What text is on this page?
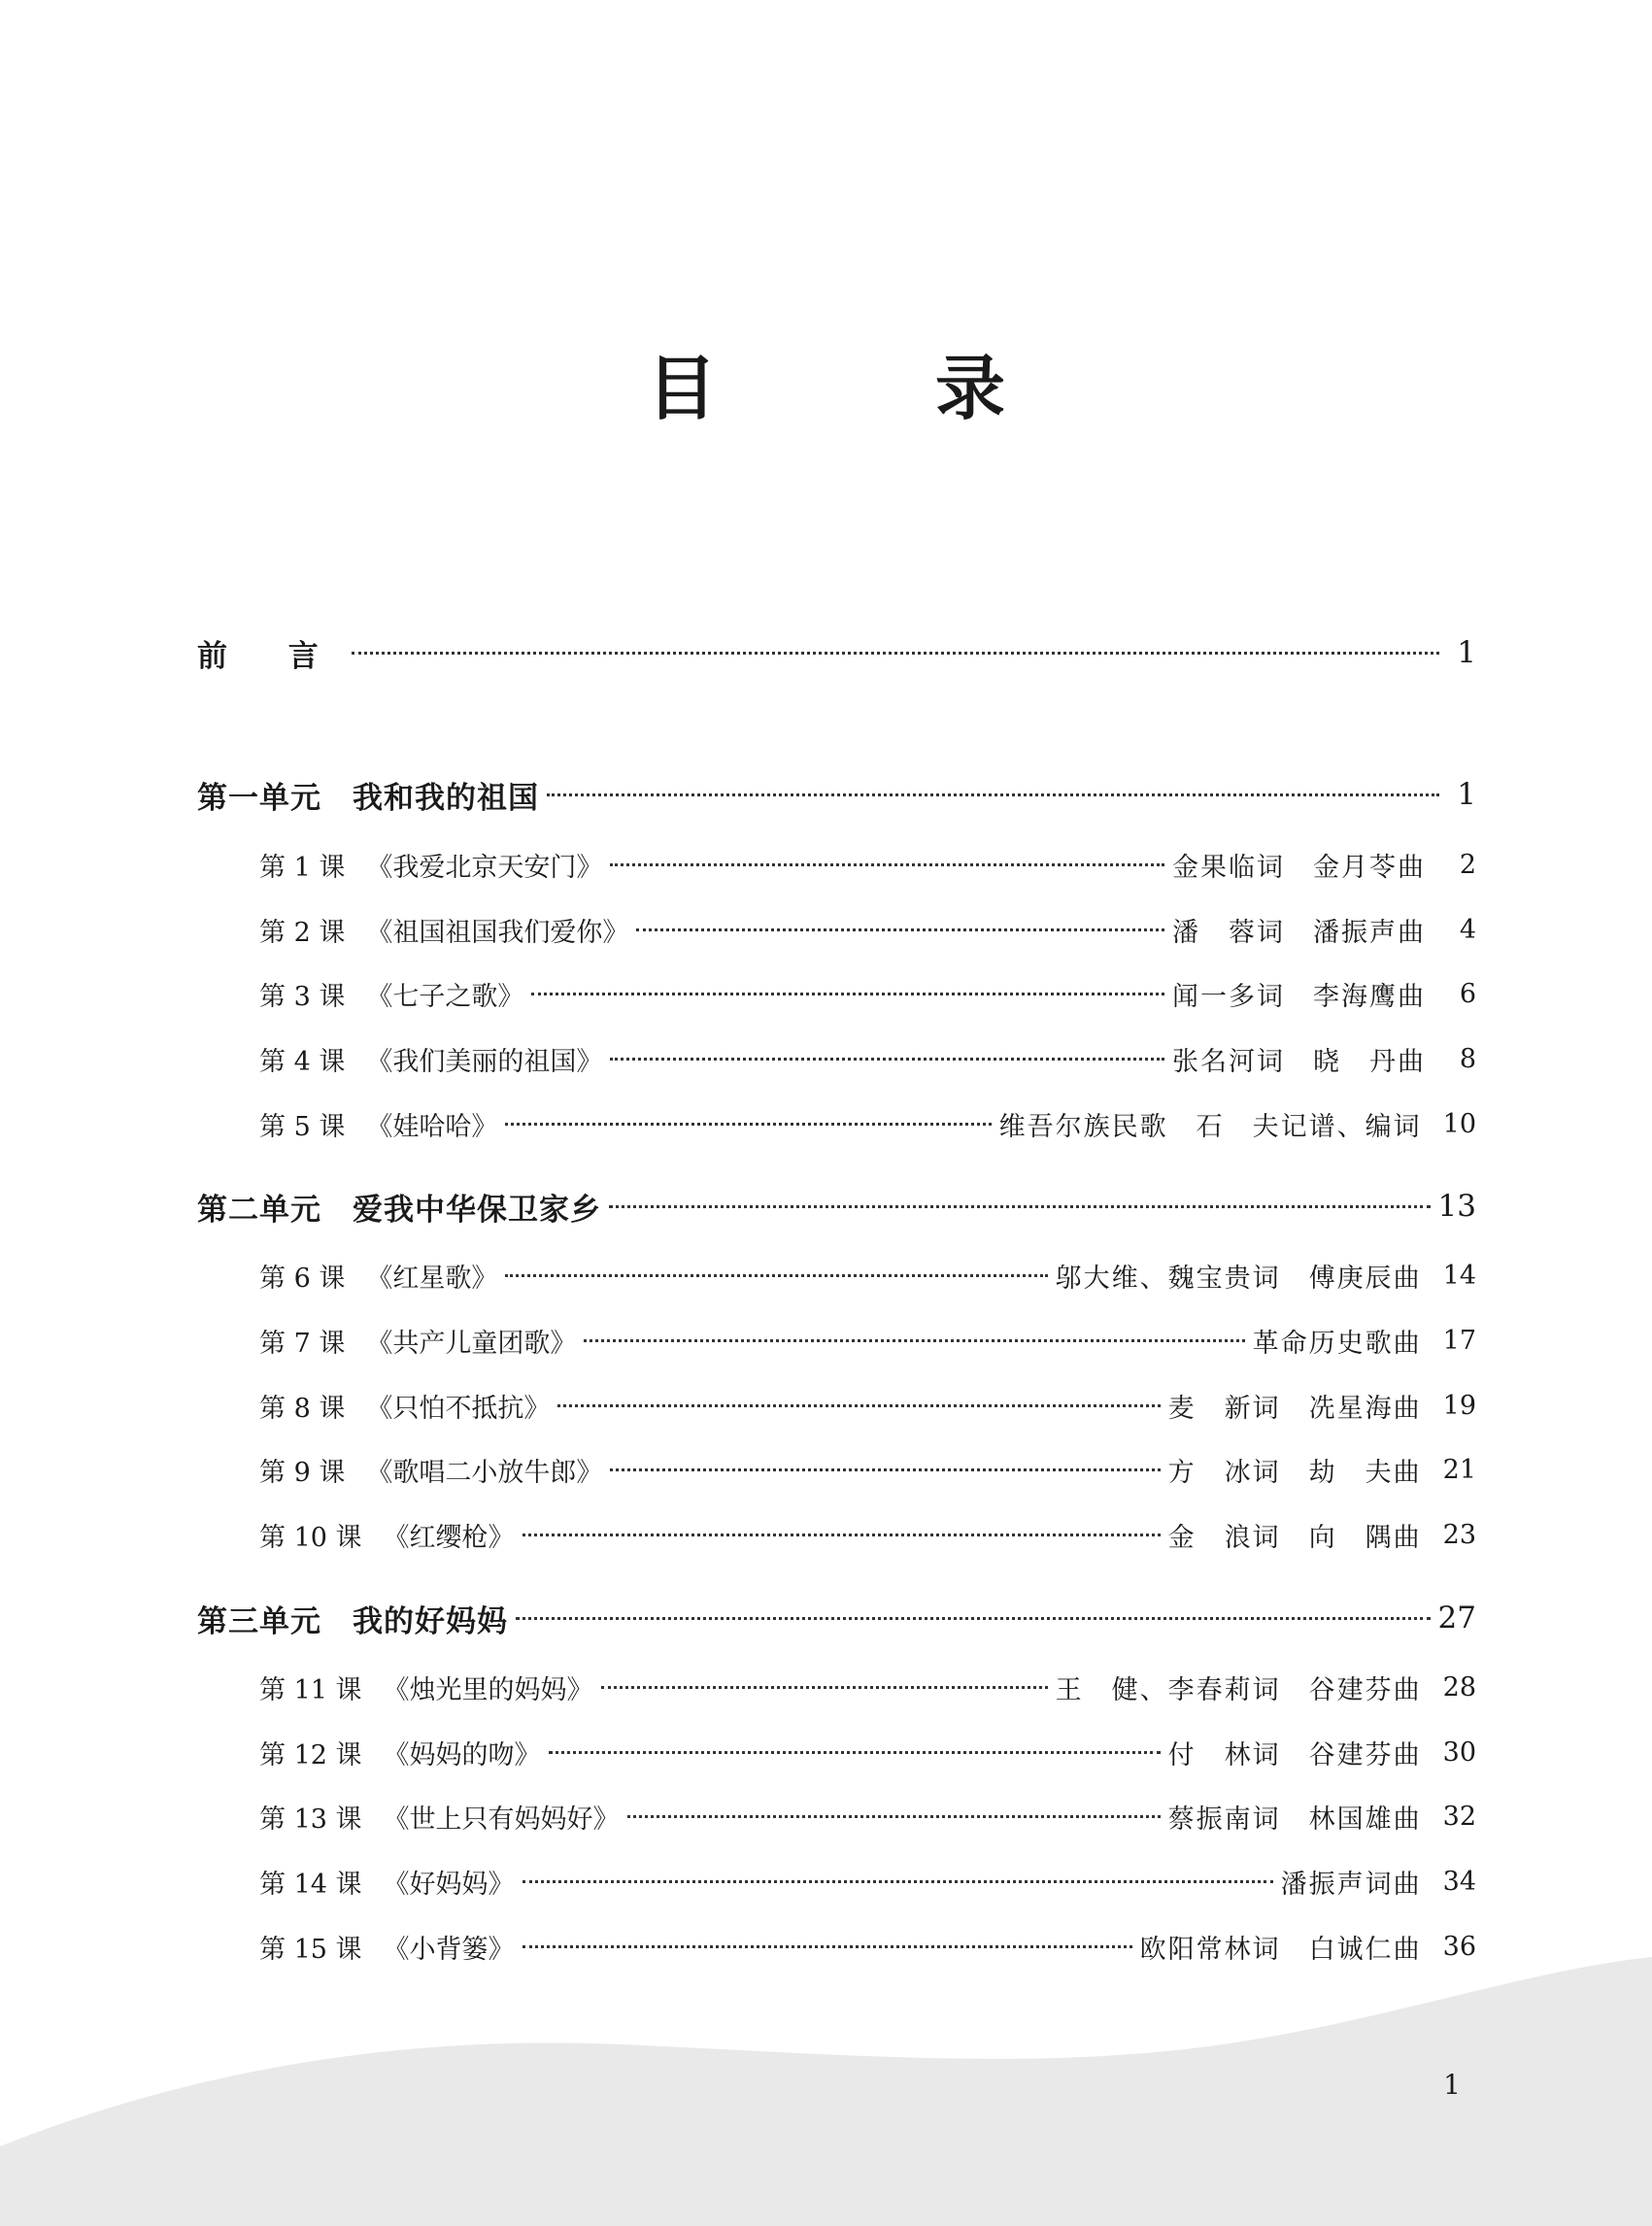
目 录
前 言	1
第一单元　我和我的祖国	1
第 1 课 《我爱北京天安门》	金果临词　金月苓曲	2
第 2 课 《祖国祖国我们爱你》	潘　蓉词　潘振声曲	4
第 3 课 《七子之歌》	闻一多词　李海鹰曲	6
第 4 课 《我们美丽的祖国》	张名河词　晓　丹曲	8
第 5 课 《娃哈哈》	维吾尔族民歌　石　夫记谱、编词 10
第二单元　爱我中华保卫家乡	13
第 6 课 《红星歌》	邬大维、魏宝贵词　傅庚辰曲 14
第 7 课 《共产儿童团歌》	革命历史歌曲 17
第 8 课 《只怕不抵抗》	麦　新词　冼星海曲 19
第 9 课 《歌唱二小放牛郎》	方　冰词　劫　夫曲 21
第 10 课 《红缨枪》	金　浪词　向　隅曲 23
第三单元　我的好妈妈	27
第 11 课 《烛光里的妈妈》	王　健、李春莉词　谷建芬曲 28
第 12 课 《妈妈的吻》	付　林词　谷建芬曲 30
第 13 课 《世上只有妈妈好》	蔡振南词　林国雄曲 32
第 14 课 《好妈妈》	潘振声词曲 34
第 15 课 《小背篓》	欧阳常林词　白诚仁曲 36
1
